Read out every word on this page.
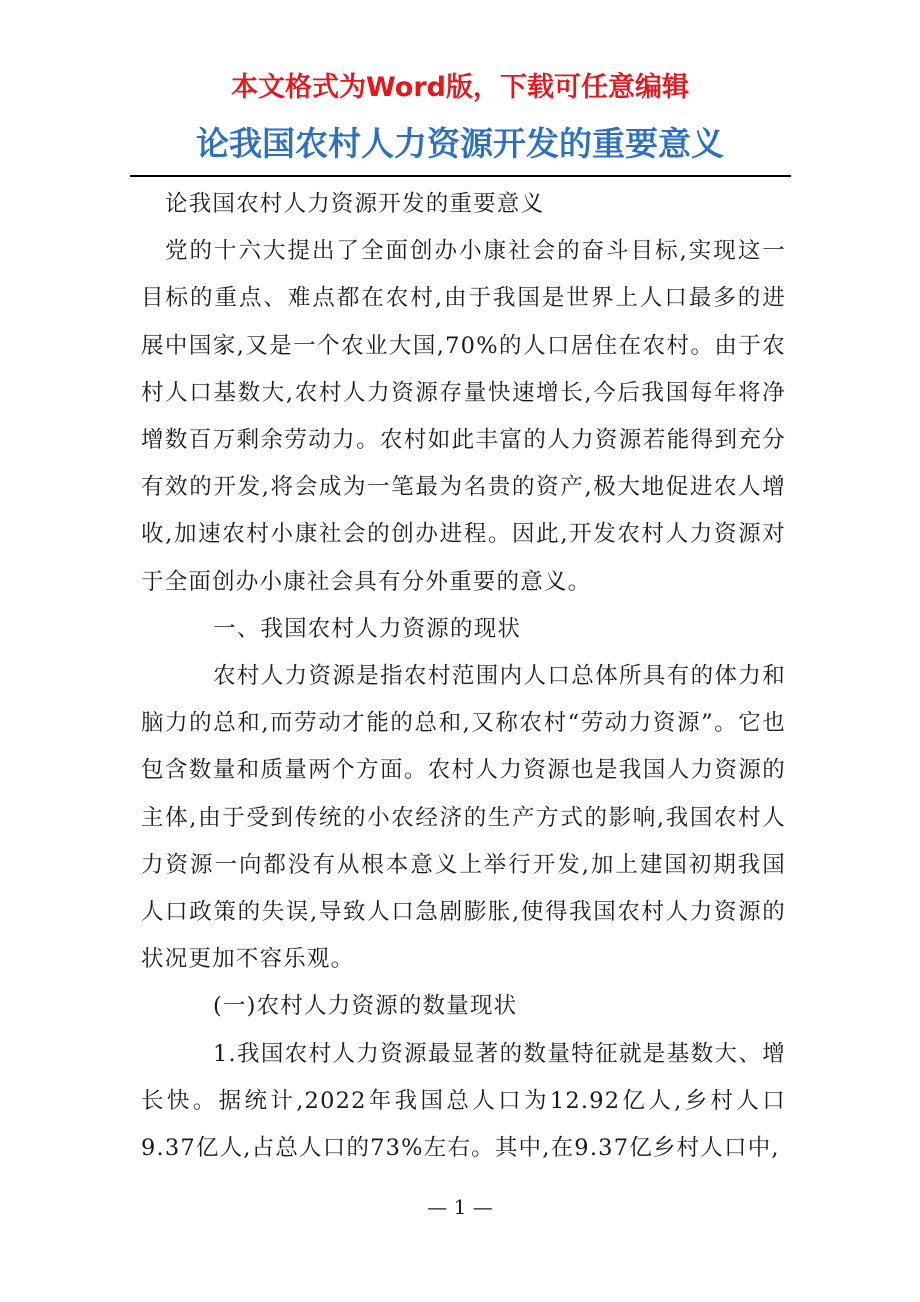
本文格式为Word版，下载可任意编辑
论我国农村人力资源开发的重要意义

论我国农村人力资源开发的重要意义

党的十六大提出了全面创办小康社会的奋斗目标,实现这一目标的重点、难点都在农村,由于我国是世界上人口最多的进展中国家,又是一个农业大国,70%的人口居住在农村。由于农村人口基数大,农村人力资源存量快速增长,今后我国每年将净增数百万剩余劳动力。农村如此丰富的人力资源若能得到充分有效的开发,将会成为一笔最为名贵的资产,极大地促进农人增收,加速农村小康社会的创办进程。因此,开发农村人力资源对于全面创办小康社会具有分外重要的意义。

一、我国农村人力资源的现状

农村人力资源是指农村范围内人口总体所具有的体力和脑力的总和,而劳动才能的总和,又称农村“劳动力资源”。它也包含数量和质量两个方面。农村人力资源也是我国人力资源的主体,由于受到传统的小农经济的生产方式的影响,我国农村人力资源一向都没有从根本意义上举行开发,加上建国初期我国人口政策的失误,导致人口急剧膨胀,使得我国农村人力资源的状况更加不容乐观。

(一)农村人力资源的数量现状

1.我国农村人力资源最显著的数量特征就是基数大、增长快。据统计,2022年我国总人口为12.92亿人,乡村人口9.37亿人,占总人口的73%左右。其中,在9.37亿乡村人口中,

— 1 —
